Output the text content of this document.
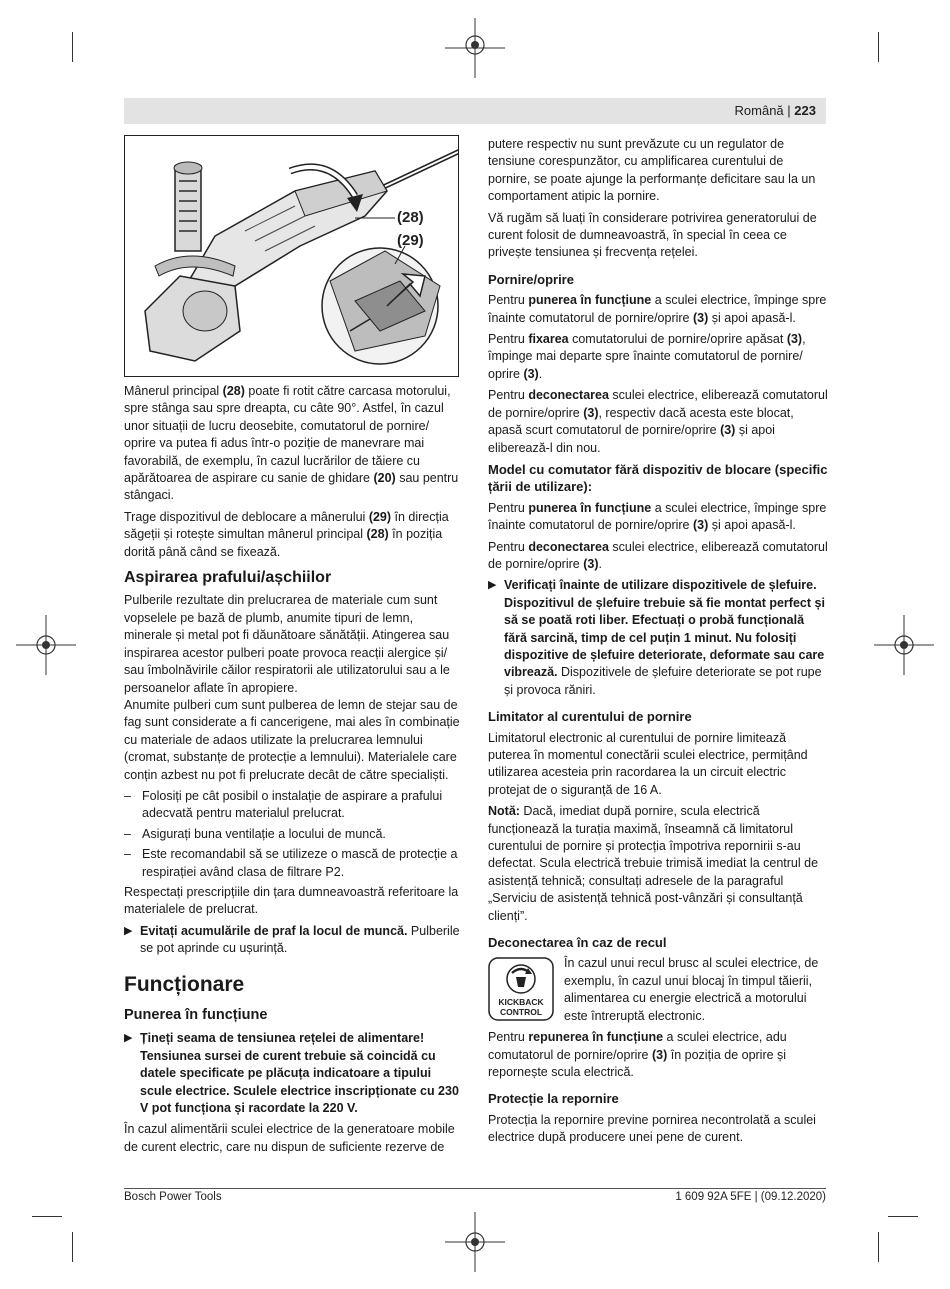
Română | 223
(28)
(29)

Mânerul principal (28) poate fi rotit către carcasa motorului, spre stânga sau spre dreapta, cu câte 90°. Astfel, în cazul unor situații de lucru deosebite, comutatorul de pornire/ oprire va putea fi adus într-o poziție de manevrare mai favorabilă, de exemplu, în cazul lucrărilor de tăiere cu apărătoarea de aspirare cu sanie de ghidare (20) sau pentru stângaci.

Trage dispozitivul de deblocare a mânerului (29) în direcția săgeții și rotește simultan mânerul principal (28) în poziția dorită până când se fixează.

Aspirarea prafului/așchiilor

Pulberile rezultate din prelucrarea de materiale cum sunt vopselele pe bază de plumb, anumite tipuri de lemn, minerale și metal pot fi dăunătoare sănătății. Atingerea sau inspirarea acestor pulberi poate provoca reacții alergice și/ sau îmbolnăvirile căilor respiratorii ale utilizatorului sau a le persoanelor aflate în apropiere.

Anumite pulberi cum sunt pulberea de lemn de stejar sau de fag sunt considerate a fi cancerigene, mai ales în combinație cu materiale de adaos utilizate la prelucrarea lemnului (cromat, substanțe de protecție a lemnului). Materialele care conțin azbest nu pot fi prelucrate decât de către specialiști.

– Folosiți pe cât posibil o instalație de aspirare a prafului adecvată pentru materialul prelucrat.
– Asigurați buna ventilație a locului de muncă.
– Este recomandabil să se utilizeze o mască de protecție a respirației având clasa de filtrare P2.

Respectați prescripțiile din țara dumneavoastră referitoare la materialele de prelucrat.

▶ Evitați acumulările de praf la locul de muncă. Pulberile se pot aprinde cu ușurință.
Funcționare
Punerea în funcțiune
▶ Țineți seama de tensiunea rețelei de alimentare! Tensiunea sursei de curent trebuie să coincidă cu datele specificate pe plăcuța indicatoare a tipului scule electrice. Sculele electrice inscripționate cu 230 V pot funcționa și racordate la 220 V.

În cazul alimentării sculei electrice de la generatoare mobile de curent electric, care nu dispun de suficiente rezerve de

putere respectiv nu sunt prevăzute cu un regulator de tensiune corespunzător, cu amplificarea curentului de pornire, se poate ajunge la performanțe deficitare sau la un comportament atipic la pornire.

Vă rugăm să luați în considerare potrivirea generatorului de curent folosit de dumneavoastră, în special în ceea ce privește tensiunea și frecvența rețelei.

Pornire/oprire

Pentru punerea în funcțiune a sculei electrice, împinge spre înainte comutatorul de pornire/oprire (3) și apoi apasă-l.

Pentru fixarea comutatorului de pornire/oprire apăsat (3), împinge mai departe spre înainte comutatorul de pornire/ oprire (3).

Pentru deconectarea sculei electrice, eliberează comutatorul de pornire/oprire (3), respectiv dacă acesta este blocat, apasă scurt comutatorul de pornire/oprire (3) și apoi eliberează-l din nou.

Model cu comutator fără dispozitiv de blocare (specific țării de utilizare):

Pentru punerea în funcțiune a sculei electrice, împinge spre înainte comutatorul de pornire/oprire (3) și apoi apasă-l.

Pentru deconectarea sculei electrice, eliberează comutatorul de pornire/oprire (3).

▶ Verificați înainte de utilizare dispozitivele de șlefuire. Dispozitivul de șlefuire trebuie să fie montat perfect și să se poată roti liber. Efectuați o probă funcțională fără sarcină, timp de cel puțin 1 minut. Nu folosiți dispozitive de șlefuire deteriorate, deformate sau care vibrează. Dispozitivele de șlefuire deteriorate se pot rupe și provoca răniri.
Limitator al curentului de pornire

Limitatorul electronic al curentului de pornire limitează puterea în momentul conectării sculei electrice, permițând utilizarea acesteia prin racordarea la un circuit electric protejat de o siguranță de 16 A.

Notă: Dacă, imediat după pornire, scula electrică funcționează la turația maximă, înseamnă că limitatorul curentului de pornire și protecția împotriva repornirii s-au defectat. Scula electrică trebuie trimisă imediat la centrul de asistență tehnică; consultați adresele de la paragraful „Serviciu de asistență tehnică post-vânzări și consultanță clienți”.

Deconectarea în caz de recul
KICKBACK
CONTROL

În cazul unui recul brusc al sculei electrice, de exemplu, în cazul unui blocaj în timpul tăierii, alimentarea cu energie electrică a motorului este întreruptă electronic.

Pentru repunerea în funcțiune a sculei electrice, adu comutatorul de pornire/oprire (3) în poziția de oprire și repornește scula electrică.

Protecție la repornire

Protecția la repornire previne pornirea necontrolată a sculei electrice după producere unei pene de curent.

Bosch Power Tools	1 609 92A 5FE | (09.12.2020)
